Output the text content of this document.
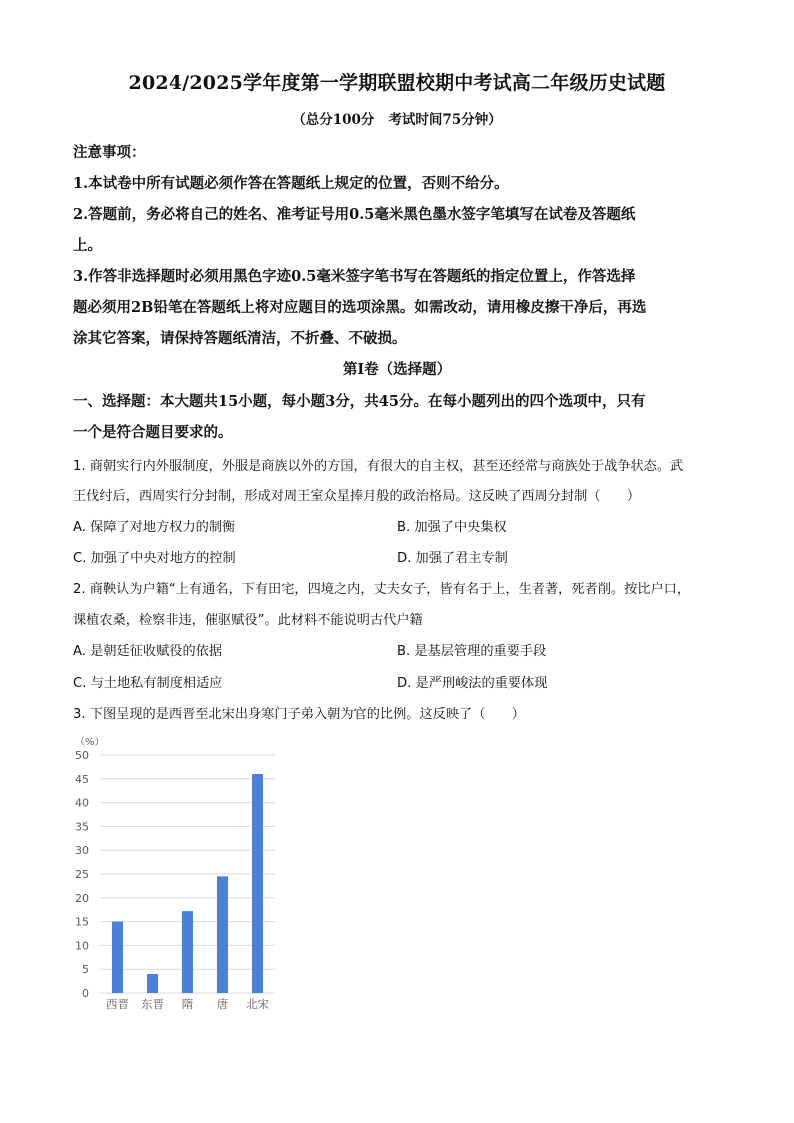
2024/2025学年度第一学期联盟校期中考试高二年级历史试题
（总分100分 考试时间75分钟）
注意事项：
1.本试卷中所有试题必须作答在答题纸上规定的位置，否则不给分。
2.答题前，务必将自己的姓名、准考证号用0.5毫米黑色墨水签字笔填写在试卷及答题纸
上。
3.作答非选择题时必须用黑色字迹0.5毫米签字笔书写在答题纸的指定位置上，作答选择
题必须用2B铅笔在答题纸上将对应题目的选项涂黑。如需改动，请用橡皮擦干净后，再选
涂其它答案，请保持答题纸清洁，不折叠、不破损。
第Ⅰ卷（选择题）
一、选择题：本大题共15小题，每小题3分，共45分。在每小题列出的四个选项中，只有
一个是符合题目要求的。
1. 商朝实行内外服制度，外服是商族以外的方国，有很大的自主权，甚至还经常与商族处于战争状态。武
王伐纣后，西周实行分封制，形成对周王室众星捧月般的政治格局。这反映了西周分封制（　　）
A. 保障了对地方权力的制衡	B. 加强了中央集权
C. 加强了中央对地方的控制	D. 加强了君主专制
2. 商鞅认为户籍“上有通名，下有田宅，四境之内，丈夫女子，皆有名于上，生者著，死者削。按比户口，
课植农桑，检察非违，催驱赋役”。此材料不能说明古代户籍
A. 是朝廷征收赋役的依据	B. 是基层管理的重要手段
C. 与土地私有制度相适应	D. 是严刑峻法的重要体现
3. 下图呈现的是西晋至北宋出身寒门子弟入朝为官的比例。这反映了（　　）
（%）
0
5
10
15
20
25
30
35
40
45
50
西晋 东晋 隋 唐 北宋
